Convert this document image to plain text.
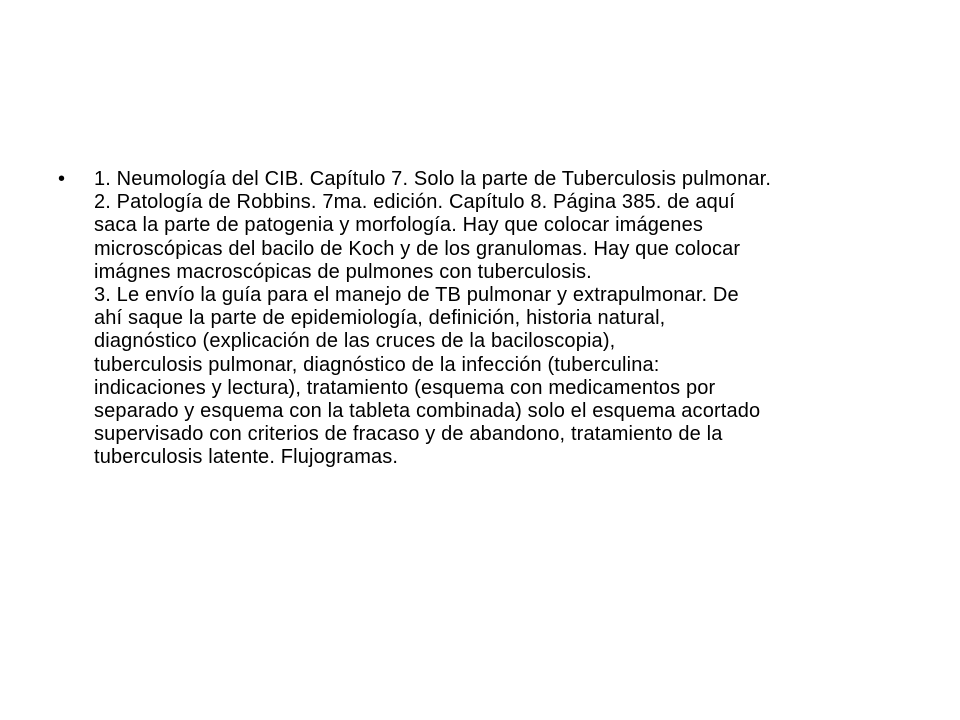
• 1. Neumología del CIB. Capítulo 7. Solo la parte de Tuberculosis pulmonar.
2. Patología de Robbins. 7ma. edición. Capítulo 8. Página 385. de aquí
saca la parte de patogenia y morfología. Hay que colocar imágenes
microscópicas del bacilo de Koch y de los granulomas. Hay que colocar
imágnes macroscópicas de pulmones con tuberculosis.
3. Le envío la guía para el manejo de TB pulmonar y extrapulmonar. De
ahí saque la parte de epidemiología, definición, historia natural,
diagnóstico (explicación de las cruces de la baciloscopia),
tuberculosis pulmonar, diagnóstico de la infección (tuberculina:
indicaciones y lectura), tratamiento (esquema con medicamentos por
separado y esquema con la tableta combinada) solo el esquema acortado
supervisado con criterios de fracaso y de abandono, tratamiento de la
tuberculosis latente. Flujogramas.
